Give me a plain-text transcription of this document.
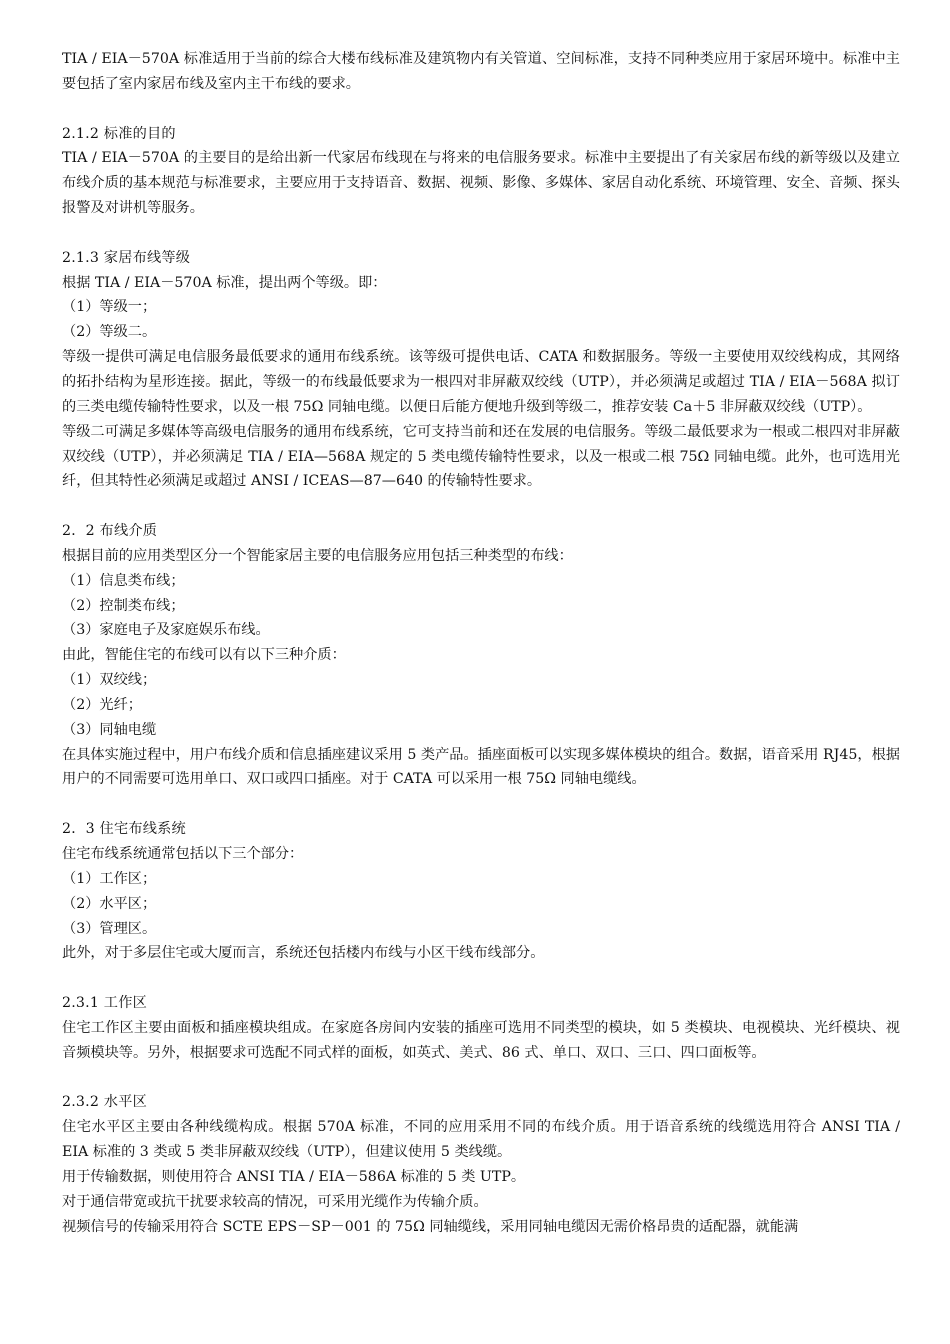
TIA / EIA－570A 标准适用于当前的综合大楼布线标准及建筑物内有关管道、空间标准，支持不同种类应用于家居环境中。标准中主要包括了室内家居布线及室内主干布线的要求。

2.1.2 标准的目的

TIA / EIA－570A 的主要目的是给出新一代家居布线现在与将来的电信服务要求。标准中主要提出了有关家居布线的新等级以及建立布线介质的基本规范与标准要求，主要应用于支持语音、数据、视频、影像、多媒体、家居自动化系统、环境管理、安全、音频、探头报警及对讲机等服务。

2.1.3 家居布线等级

根据 TIA / EIA－570A 标准，提出两个等级。即：

（1）等级一；

（2）等级二。

等级一提供可满足电信服务最低要求的通用布线系统。该等级可提供电话、CATA 和数据服务。等级一主要使用双绞线构成，其网络的拓扑结构为星形连接。据此，等级一的布线最低要求为一根四对非屏蔽双绞线（UTP），并必须满足或超过 TIA / EIA－568A 拟订的三类电缆传输特性要求，以及一根 75Ω 同轴电缆。以便日后能方便地升级到等级二，推荐安装 Ca＋5 非屏蔽双绞线（UTP）。

等级二可满足多媒体等高级电信服务的通用布线系统，它可支持当前和还在发展的电信服务。等级二最低要求为一根或二根四对非屏蔽双绞线（UTP），并必须满足 TIA / EIA—568A 规定的 5 类电缆传输特性要求，以及一根或二根 75Ω 同轴电缆。此外，也可选用光纤，但其特性必须满足或超过 ANSI / ICEAS—87—640 的传输特性要求。

2．2 布线介质

根据目前的应用类型区分一个智能家居主要的电信服务应用包括三种类型的布线：

（1）信息类布线；

（2）控制类布线；

（3）家庭电子及家庭娱乐布线。

由此，智能住宅的布线可以有以下三种介质：

（1）双绞线；

（2）光纤；

（3）同轴电缆

在具体实施过程中，用户布线介质和信息插座建议采用 5 类产品。插座面板可以实现多媒体模块的组合。数据，语音采用 RJ45，根据用户的不同需要可选用单口、双口或四口插座。对于 CATA 可以采用一根 75Ω 同轴电缆线。

2．3 住宅布线系统

住宅布线系统通常包括以下三个部分：

（1）工作区；

（2）水平区；

（3）管理区。

此外，对于多层住宅或大厦而言，系统还包括楼内布线与小区干线布线部分。

2.3.1 工作区

住宅工作区主要由面板和插座模块组成。在家庭各房间内安装的插座可选用不同类型的模块，如 5 类模块、电视模块、光纤模块、视音频模块等。另外，根据要求可选配不同式样的面板，如英式、美式、86 式、单口、双口、三口、四口面板等。

2.3.2 水平区

住宅水平区主要由各种线缆构成。根据 570A 标准，不同的应用采用不同的布线介质。用于语音系统的线缆选用符合 ANSI TIA / EIA 标准的 3 类或 5 类非屏蔽双绞线（UTP），但建议使用 5 类线缆。

用于传输数据，则使用符合 ANSI TIA / EIA－586A 标准的 5 类 UTP。

对于通信带宽或抗干扰要求较高的情况，可采用光缆作为传输介质。

视频信号的传输采用符合 SCTE EPS－SP－001 的 75Ω 同轴缆线，采用同轴电缆因无需价格昂贵的适配器，就能满
